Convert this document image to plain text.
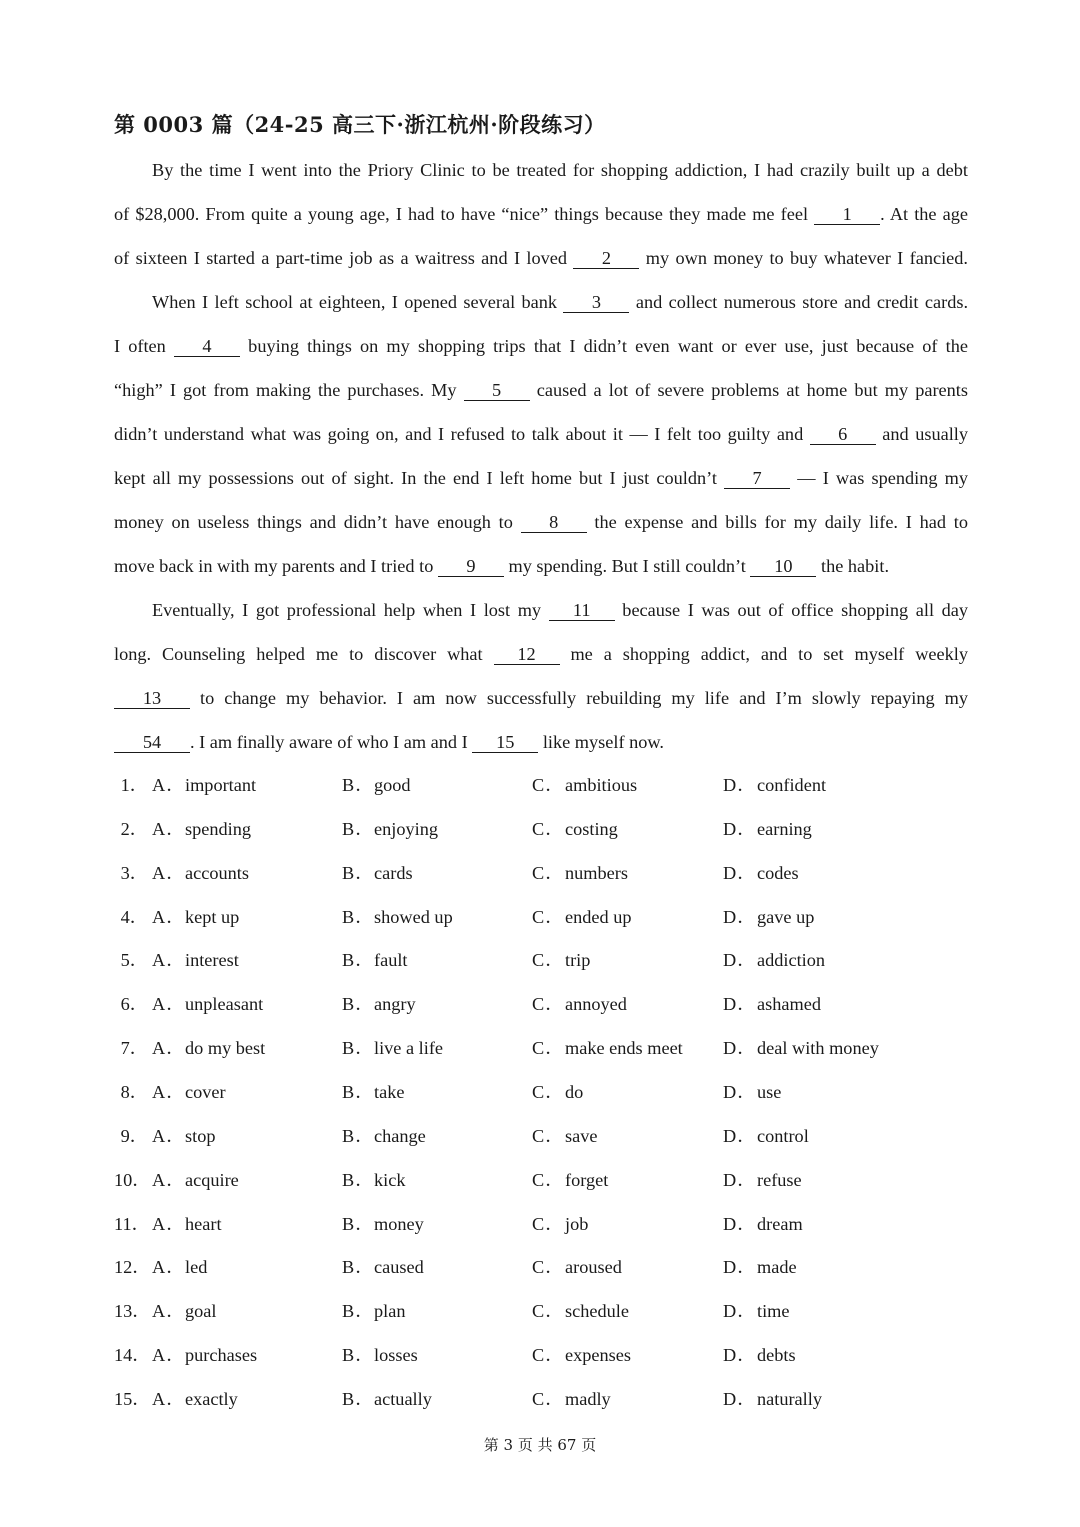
第 0003 篇（24-25 高三下·浙江杭州·阶段练习）
By the time I went into the Priory Clinic to be treated for shopping addiction, I had crazily built up a debt
of $28,000. From quite a young age, I had to have “nice” things because they made me feel 1 . At the age
of sixteen I started a part-time job as a waitress and I loved 2 my own money to buy whatever I fancied.
When I left school at eighteen, I opened several bank 3 and collect numerous store and credit cards.
I often 4 buying things on my shopping trips that I didn’t even want or ever use, just because of the
“high” I got from making the purchases. My 5 caused a lot of severe problems at home but my parents
didn’t understand what was going on, and I refused to talk about it — I felt too guilty and 6 and usually
kept all my possessions out of sight. In the end I left home but I just couldn’t 7 — I was spending my
money on useless things and didn’t have enough to 8 the expense and bills for my daily life. I had to
move back in with my parents and I tried to 9 my spending. But I still couldn’t 10 the habit.
Eventually, I got professional help when I lost my 11 because I was out of office shopping all day
long. Counseling helped me to discover what 12 me a shopping addict, and to set myself weekly
13 to change my behavior. I am now successfully rebuilding my life and I’m slowly repaying my
54 . I am finally aware of who I am and I 15 like myself now.
1． A． important	B． good	C． ambitious	D． confident
2． A． spending	B． enjoying	C． costing	D． earning
3． A． accounts	B． cards	C． numbers	D． codes
4． A． kept up	B． showed up	C． ended up	D． gave up
5． A． interest	B． fault	C． trip	D． addiction
6． A． unpleasant	B． angry	C． annoyed	D． ashamed
7． A． do my best	B． live a life	C． make ends meet D． deal with money
8． A． cover	B． take	C． do	D． use
9． A． stop	B． change	C． save	D． control
10． A． acquire	B． kick	C． forget	D． refuse
11． A． heart	B． money	C． job	D． dream
12． A． led	B． caused	C． aroused	D． made
13． A． goal	B． plan	C． schedule	D． time
14． A． purchases	B． losses	C． expenses	D． debts
15． A． exactly	B． actually	C． madly	D． naturally
第 3 页 共 67 页
